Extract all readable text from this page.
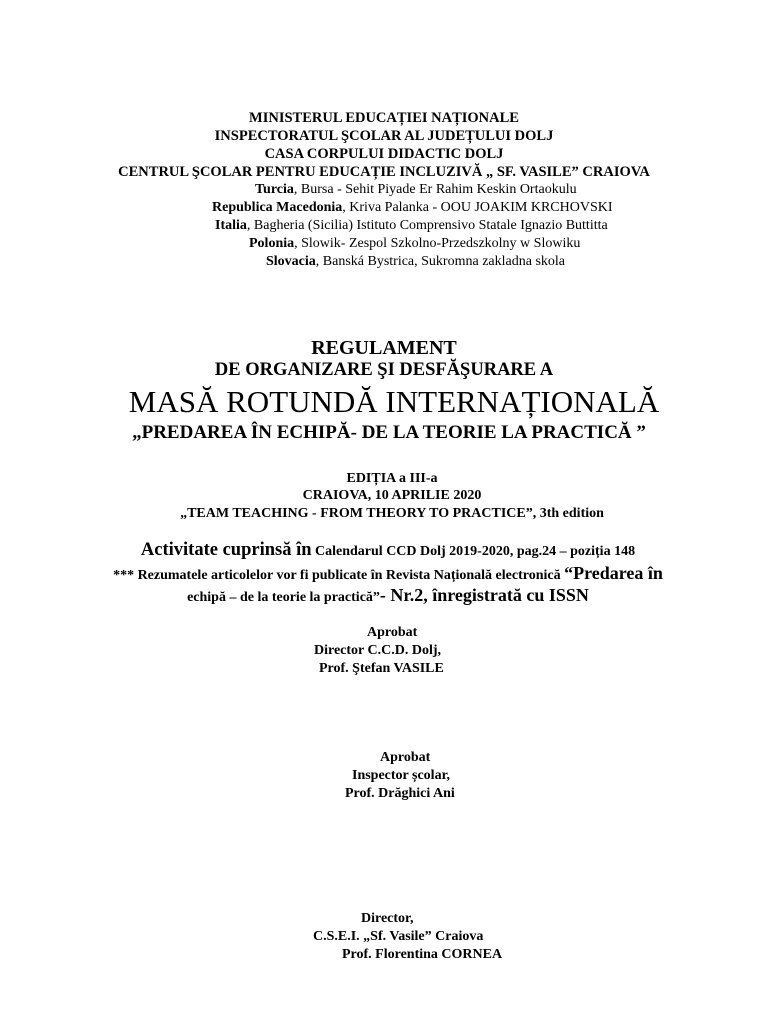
MINISTERUL EDUCAȚIEI NAȚIONALE
INSPECTORATUL ŞCOLAR AL JUDEȚULUI DOLJ
CASA CORPULUI DIDACTIC DOLJ
CENTRUL ŞCOLAR PENTRU EDUCAȚIE INCLUZIVĂ „ SF. VASILE” CRAIOVA
Turcia, Bursa - Sehit Piyade Er Rahim Keskin Ortaokulu
Republica Macedonia, Kriva Palanka - OOU JOAKIM KRCHOVSKI
Italia, Bagheria (Sicilia) Istituto Comprensivo Statale Ignazio Buttitta
Polonia, Slowik- Zespol Szkolno-Przedszkolny w Slowiku
Slovacia, Banská Bystrica, Sukromna zakladna skola
REGULAMENT
DE ORGANIZARE ŞI DESFĂŞURARE A
MASĂ ROTUNDĂ INTERNAȚIONALĂ
„PREDAREA ÎN ECHIPĂ- DE LA TEORIE LA PRACTICĂ ”
EDIȚIA a III-a
CRAIOVA, 10 APRILIE 2020
„TEAM TEACHING - FROM THEORY TO PRACTICE”, 3th edition
Activitate cuprinsă în Calendarul CCD Dolj 2019-2020, pag.24 – poziția 148
*** Rezumatele articolelor vor fi publicate în Revista Națională electronică “Predarea în
echipă – de la teorie la practică”- Nr.2, înregistrată cu ISSN
Aprobat
Director C.C.D. Dolj,
Prof. Ştefan VASILE
Aprobat
Inspector școlar,
Prof. Drăghici Ani
Director,
C.S.E.I. „Sf. Vasile” Craiova
Prof. Florentina CORNEA
